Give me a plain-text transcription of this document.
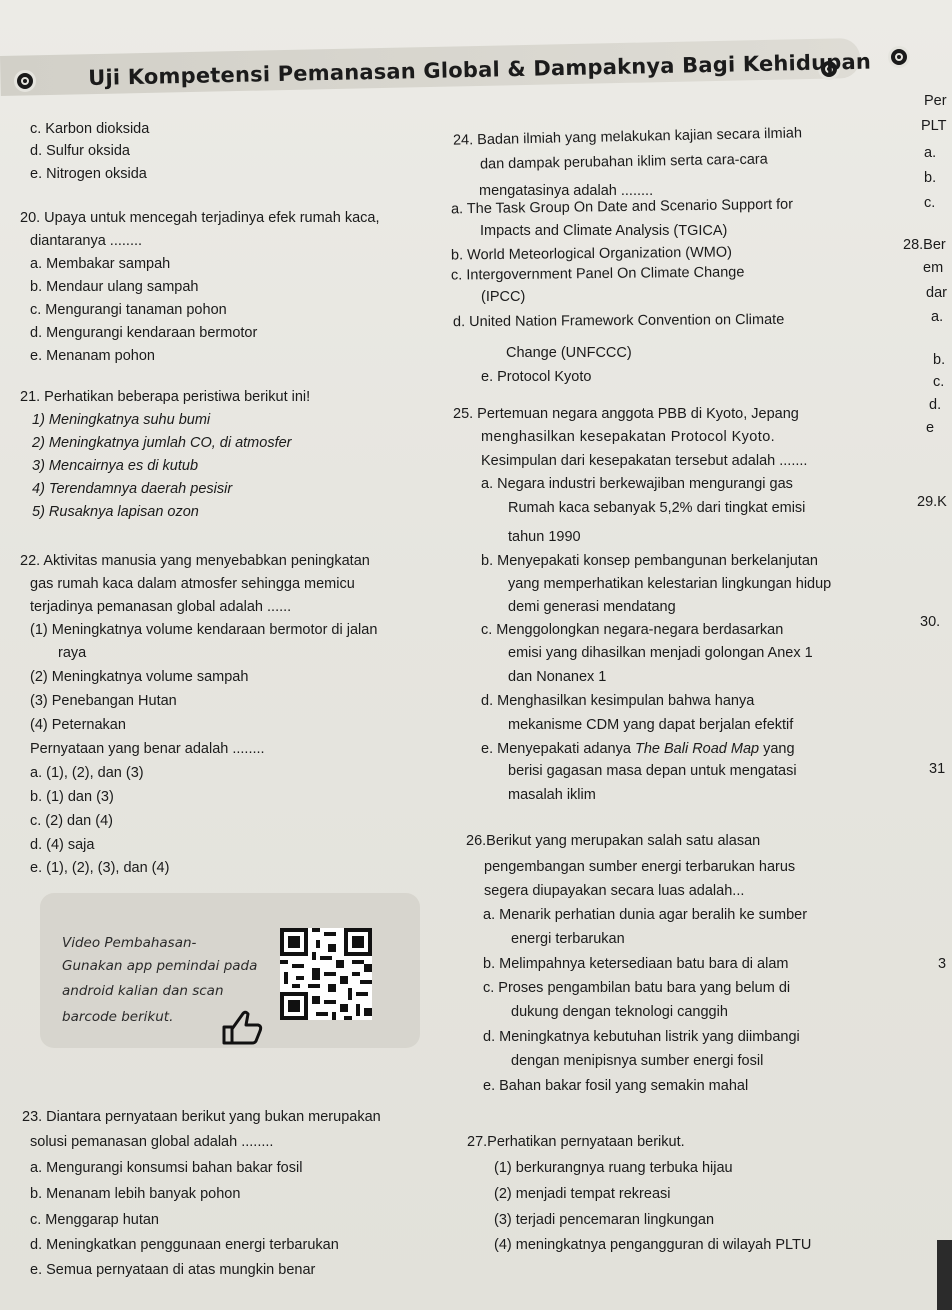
Uji Kompetensi Pemanasan Global & Dampaknya Bagi Kehidupan
c. Karbon dioksida
d. Sulfur oksida
e. Nitrogen oksida
20. Upaya untuk mencegah terjadinya efek rumah kaca,
diantaranya ........
a. Membakar sampah
b. Mendaur ulang sampah
c. Mengurangi tanaman pohon
d. Mengurangi kendaraan bermotor
e. Menanam pohon
21. Perhatikan beberapa peristiwa berikut ini!
1) Meningkatnya suhu bumi
2) Meningkatnya jumlah CO, di atmosfer
3) Mencairnya es di kutub
4) Terendamnya daerah pesisir
5) Rusaknya lapisan ozon
22. Aktivitas manusia yang menyebabkan peningkatan
gas rumah kaca dalam atmosfer sehingga memicu
terjadinya pemanasan global adalah ......
(1) Meningkatnya volume kendaraan bermotor di jalan
raya
(2) Meningkatnya volume sampah
(3) Penebangan Hutan
(4) Peternakan
Pernyataan yang benar adalah ........
a. (1), (2), dan (3)
b. (1) dan (3)
c. (2) dan (4)
d. (4) saja
e. (1), (2), (3), dan (4)
Video Pembahasan-
Gunakan app pemindai pada
android kalian dan scan
barcode berikut.
23. Diantara pernyataan berikut yang bukan merupakan
solusi pemanasan global adalah ........
a. Mengurangi konsumsi bahan bakar fosil
b. Menanam lebih banyak pohon
c. Menggarap hutan
d. Meningkatkan penggunaan energi terbarukan
e. Semua pernyataan di atas mungkin benar
24. Badan ilmiah yang melakukan kajian secara ilmiah
dan dampak perubahan iklim serta cara-cara
mengatasinya adalah ........
a. The Task Group On Date and Scenario Support for
Impacts and Climate Analysis (TGICA)
b. World Meteorlogical Organization (WMO)
c. Intergovernment Panel On Climate Change
(IPCC)
d. United Nation Framework Convention on Climate
Change (UNFCCC)
e. Protocol Kyoto
25. Pertemuan negara anggota PBB di Kyoto, Jepang
menghasilkan kesepakatan Protocol Kyoto.
Kesimpulan dari kesepakatan tersebut adalah .......
a. Negara industri berkewajiban mengurangi gas
Rumah kaca sebanyak 5,2% dari tingkat emisi
tahun 1990
b. Menyepakati konsep pembangunan berkelanjutan
yang memperhatikan kelestarian lingkungan hidup
demi generasi mendatang
c. Menggolongkan negara-negara berdasarkan
emisi yang dihasilkan menjadi golongan Anex 1
dan Nonanex 1
d. Menghasilkan kesimpulan bahwa hanya
mekanisme CDM yang dapat berjalan efektif
e. Menyepakati adanya The Bali Road Map yang
berisi gagasan masa depan untuk mengatasi
masalah iklim
26.Berikut yang merupakan salah satu alasan
pengembangan sumber energi terbarukan harus
segera diupayakan secara luas adalah...
a. Menarik perhatian dunia agar beralih ke sumber
energi terbarukan
b. Melimpahnya ketersediaan batu bara di alam
c. Proses pengambilan batu bara yang belum di
dukung dengan teknologi canggih
d. Meningkatnya kebutuhan listrik yang diimbangi
dengan menipisnya sumber energi fosil
e. Bahan bakar fosil yang semakin mahal
27.Perhatikan pernyataan berikut.
(1) berkurangnya ruang terbuka hijau
(2) menjadi tempat rekreasi
(3) terjadi pencemaran lingkungan
(4) meningkatnya pengangguran di wilayah PLTU
Per
PLT
a.
b.
c.
28.Ber
em
dar
a.
b.
c.
d.
e
29.K
30.
31
3
